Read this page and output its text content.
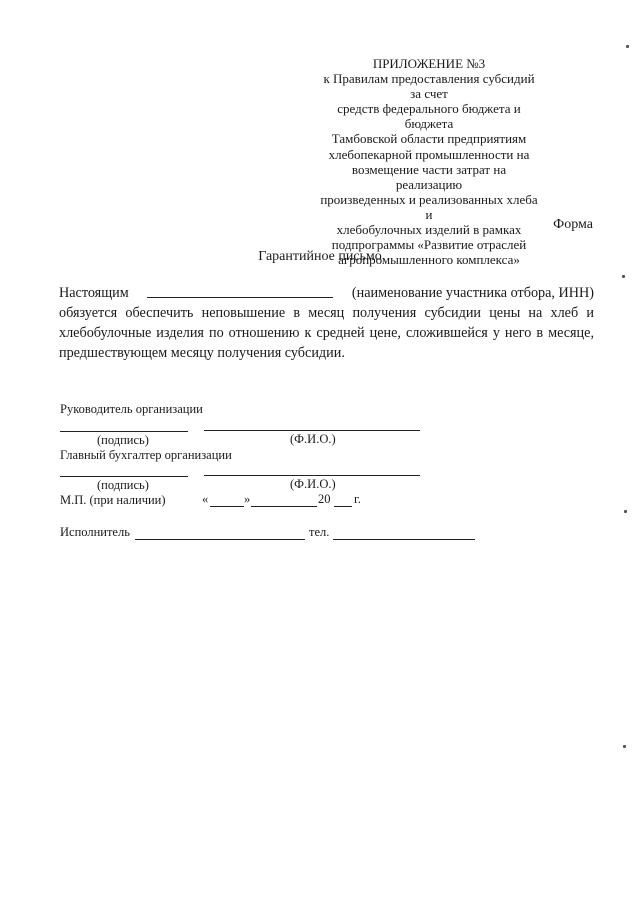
ПРИЛОЖЕНИЕ №3
к Правилам предоставления субсидий за счет
средств федерального бюджета и бюджета
Тамбовской области предприятиям
хлебопекарной промышленности на
возмещение части затрат на реализацию
произведенных и реализованных хлеба и
хлебобулочных изделий в рамках
подпрограммы «Развитие отраслей
агропромышленного комплекса»
Форма
Гарантийное письмо
Настоящим	(наименование участника отбора, ИНН)
обязуется обеспечить неповышение в месяц получения субсидии цены на хлеб и хлебобулочные изделия по отношению к средней цене, сложившейся у него в месяце, предшествующем месяцу получения субсидии.
Руководитель организации
(подпись)	(Ф.И.О.)
Главный бухгалтер организации
(подпись)	(Ф.И.О.)
М.П. (при наличии)	«	»	20 г.
Исполнитель	тел.
